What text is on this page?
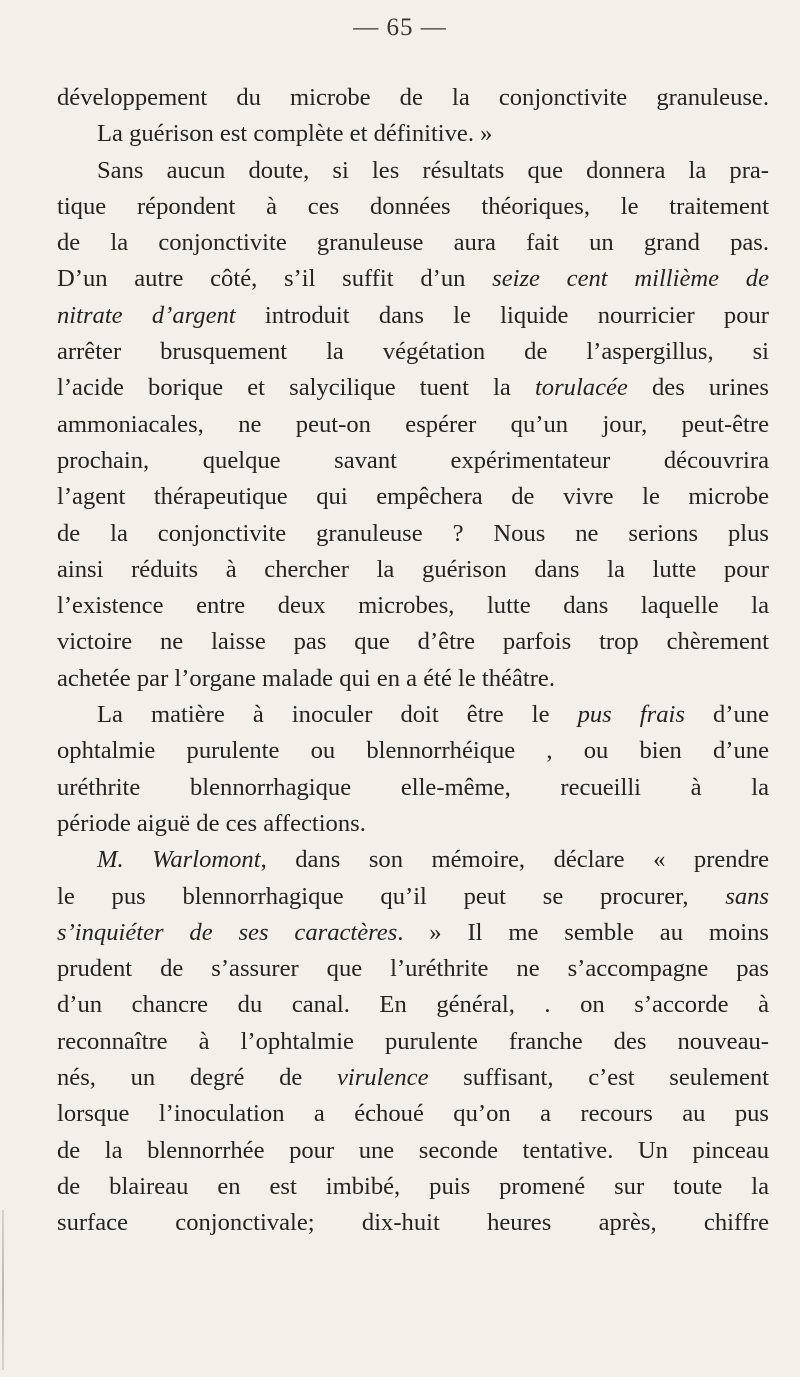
— 65 —
développement du microbe de la conjonctivite granuleuse.
La guérison est complète et définitive. »
Sans aucun doute, si les résultats que donnera la pra-
tique répondent à ces données théoriques, le traitement
de la conjonctivite granuleuse aura fait un grand pas.
D’un autre côté, s’il suffit d’un seize cent millième de
nitrate d’argent introduit dans le liquide nourricier pour
arrêter brusquement la végétation de l’aspergillus, si
l’acide borique et salycilique tuent la torulacée des urines
ammoniacales, ne peut-on espérer qu’un jour, peut-être
prochain, quelque savant expérimentateur découvrira
l’agent thérapeutique qui empêchera de vivre le microbe
de la conjonctivite granuleuse ? Nous ne serions plus
ainsi réduits à chercher la guérison dans la lutte pour
l’existence entre deux microbes, lutte dans laquelle la
victoire ne laisse pas que d’être parfois trop chèrement
achetée par l’organe malade qui en a été le théâtre.
La matière à inoculer doit être le pus frais d’une
ophtalmie purulente ou blennorrhéique , ou bien d’une
uréthrite blennorrhagique elle-même, recueilli à la
période aiguë de ces affections.
M. Warlomont, dans son mémoire, déclare « prendre
le pus blennorrhagique qu’il peut se procurer, sans
s’inquiéter de ses caractères. » Il me semble au moins
prudent de s’assurer que l’uréthrite ne s’accompagne pas
d’un chancre du canal. En général, . on s’accorde à
reconnaître à l’ophtalmie purulente franche des nouveau-
nés, un degré de virulence suffisant, c’est seulement
lorsque l’inoculation a échoué qu’on a recours au pus
de la blennorrhée pour une seconde tentative. Un pinceau
de blaireau en est imbibé, puis promené sur toute la
surface conjonctivale; dix-huit heures après, chiffre
